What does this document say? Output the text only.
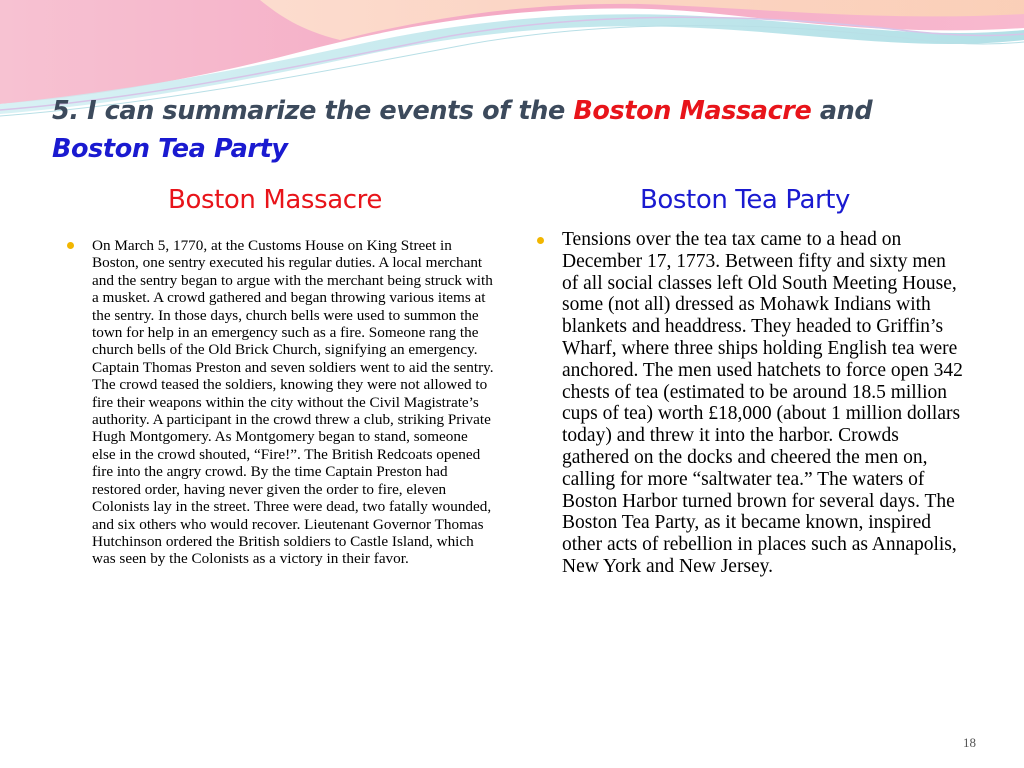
5. I can summarize the events of the Boston Massacre and
Boston Tea Party
Boston Massacre	Boston Tea Party
On March 5, 1770, at the Customs House on King Street in Boston, one sentry executed his regular duties. A local merchant and the sentry began to argue with the merchant being struck with a musket. A crowd gathered and began throwing various items at the sentry. In those days, church bells were used to summon the town for help in an emergency such as a fire. Someone rang the church bells of the Old Brick Church, signifying an emergency. Captain Thomas Preston and seven soldiers went to aid the sentry. The crowd teased the soldiers, knowing they were not allowed to fire their weapons within the city without the Civil Magistrate’s authority. A participant in the crowd threw a club, striking Private Hugh Montgomery. As Montgomery began to stand, someone else in the crowd shouted, “Fire!”. The British Redcoats opened fire into the angry crowd. By the time Captain Preston had restored order, having never given the order to fire, eleven Colonists lay in the street. Three were dead, two fatally wounded, and six others who would recover. Lieutenant Governor Thomas Hutchinson ordered the British soldiers to Castle Island, which was seen by the Colonists as a victory in their favor.
Tensions over the tea tax came to a head on December 17, 1773. Between fifty and sixty men of all social classes left Old South Meeting House, some (not all) dressed as Mohawk Indians with blankets and headdress. They headed to Griffin’s Wharf, where three ships holding English tea were anchored. The men used hatchets to force open 342 chests of tea (estimated to be around 18.5 million cups of tea) worth £18,000 (about 1 million dollars today) and threw it into the harbor. Crowds gathered on the docks and cheered the men on, calling for more “saltwater tea.” The waters of Boston Harbor turned brown for several days. The Boston Tea Party, as it became known, inspired other acts of rebellion in places such as Annapolis, New York and New Jersey.
18
